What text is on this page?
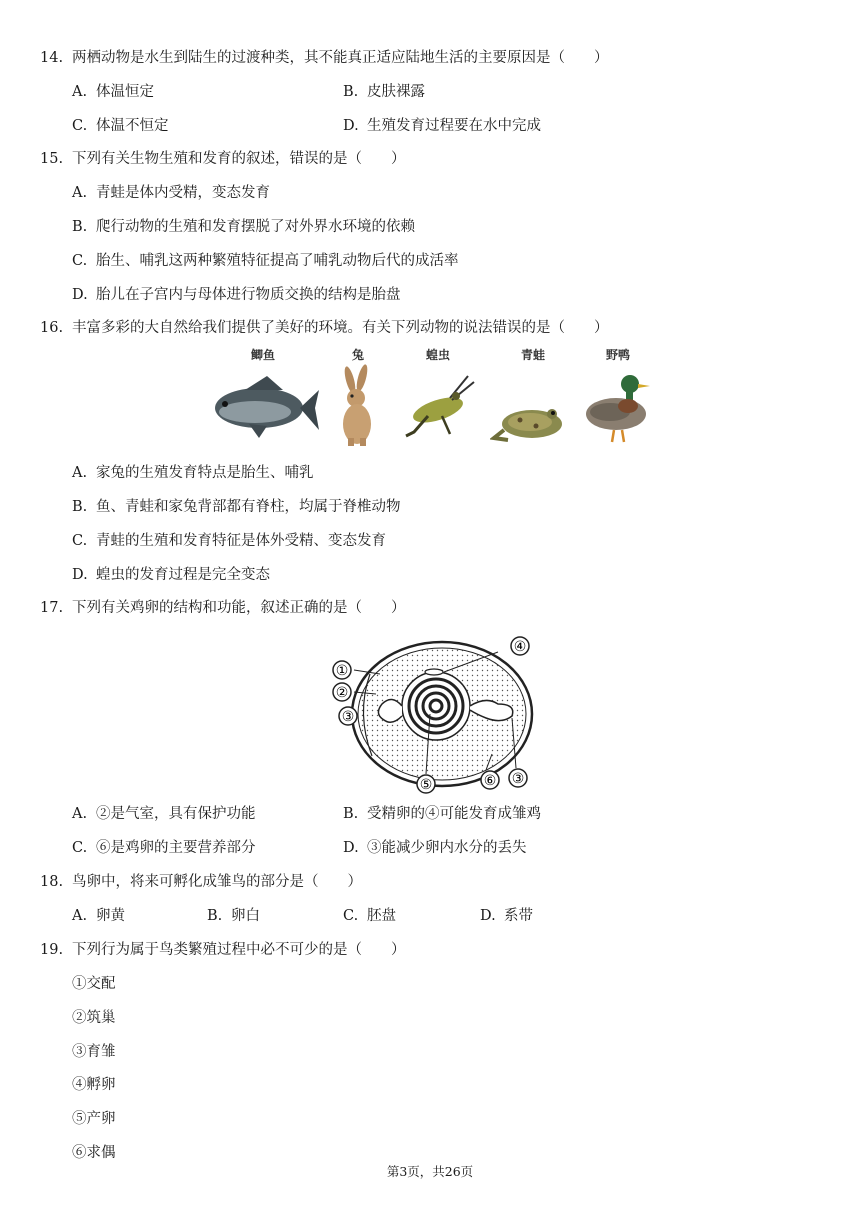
14. 两栖动物是水生到陆生的过渡种类，其不能真正适应陆地生活的主要原因是（　　）
A. 体温恒定	B. 皮肤裸露
C. 体温不恒定	D. 生殖发育过程要在水中完成
15. 下列有关生物生殖和发育的叙述，错误的是（　　）
A. 青蛙是体内受精，变态发育
B. 爬行动物的生殖和发育摆脱了对外界水环境的依赖
C. 胎生、哺乳这两种繁殖特征提高了哺乳动物后代的成活率
D. 胎儿在子宫内与母体进行物质交换的结构是胎盘
16. 丰富多彩的大自然给我们提供了美好的环境。有关下列动物的说法错误的是（　　）
鲫鱼	兔	蝗虫	青蛙	野鸭
A. 家兔的生殖发育特点是胎生、哺乳
B. 鱼、青蛙和家兔背部都有脊柱，均属于脊椎动物
C. 青蛙的生殖和发育特征是体外受精、变态发育
D. 蝗虫的发育过程是完全变态
17. 下列有关鸡卵的结构和功能，叙述正确的是（　　）
①
②
③
④
⑤	⑥ ③
A. ②是气室，具有保护功能	B. 受精卵的④可能发育成雏鸡
C. ⑥是鸡卵的主要营养部分	D. ③能减少卵内水分的丢失
18. 鸟卵中，将来可孵化成雏鸟的部分是（　　）
A. 卵黄	B. 卵白	C. 胚盘	D. 系带
19. 下列行为属于鸟类繁殖过程中必不可少的是（　　）
①交配
②筑巢
③育雏
④孵卵
⑤产卵
⑥求偶
第3页，共26页
